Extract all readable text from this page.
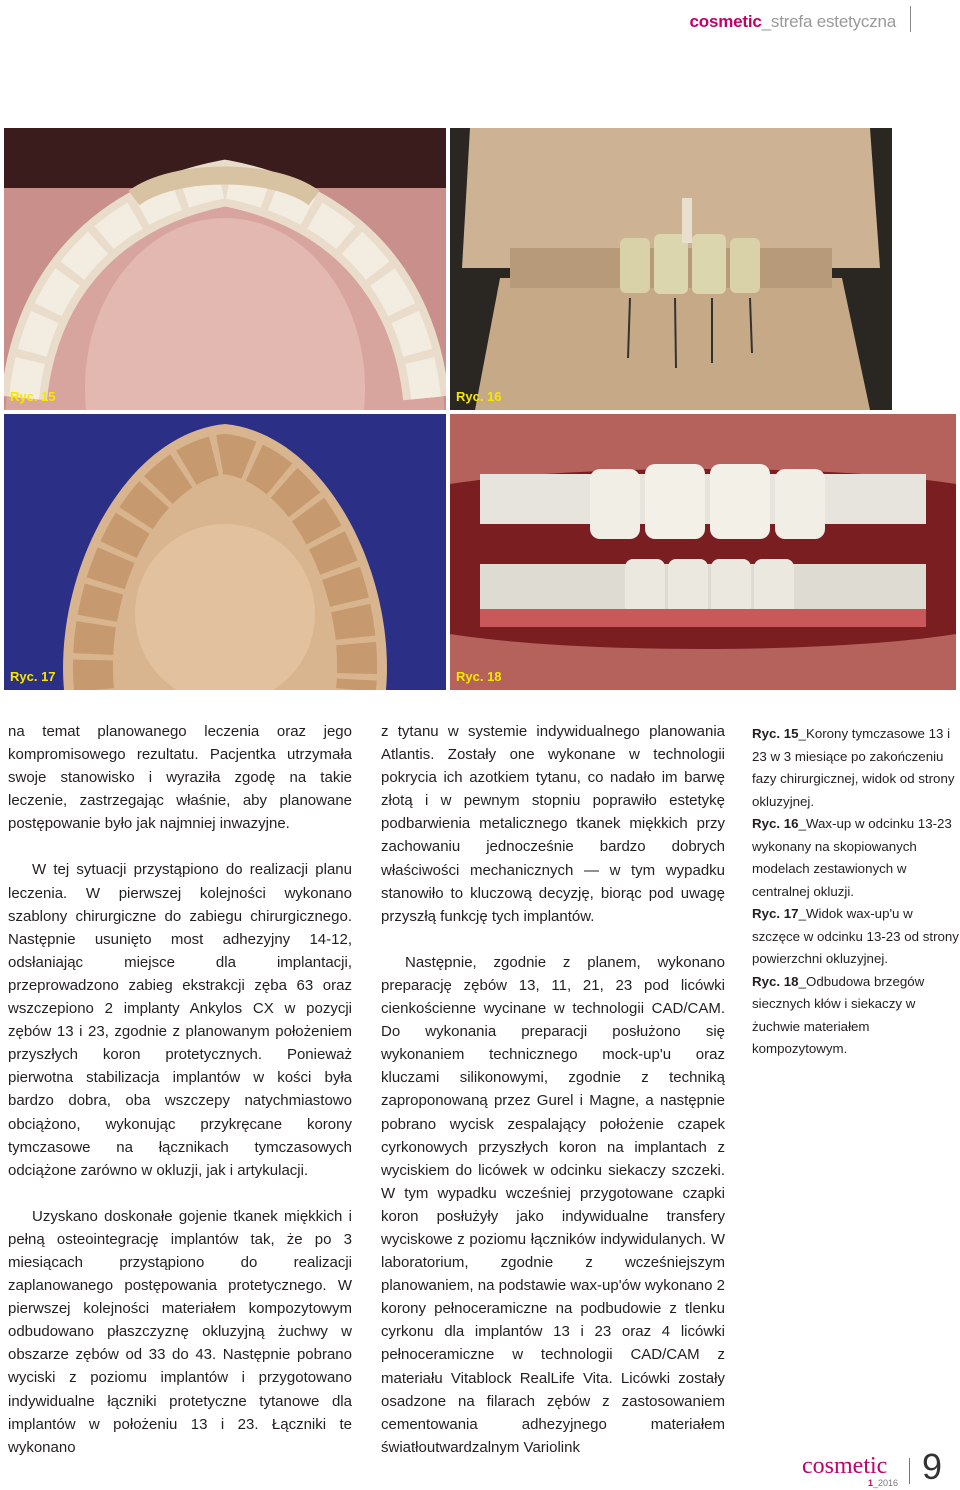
cosmetic_strefa estetyczna
Ryc. 15	Ryc. 16
Ryc. 17	Ryc. 18

na temat planowanego leczenia oraz jego kompromisowego rezultatu. Pacjentka utrzymała swoje stanowisko i wyraziła zgodę na takie leczenie, zastrzegając właśnie, aby planowane postępowanie było jak najmniej inwazyjne.

W tej sytuacji przystąpiono do realizacji planu leczenia. W pierwszej kolejności wykonano szablony chirurgiczne do zabiegu chirurgicznego. Następnie usunięto most adhezyjny 14-12, odsłaniając miejsce dla implantacji, przeprowadzono zabieg ekstrakcji zęba 63 oraz wszczepiono 2 implanty Ankylos CX w pozycji zębów 13 i 23, zgodnie z planowanym położeniem przyszłych koron protetycznych. Ponieważ pierwotna stabilizacja implantów w kości była bardzo dobra, oba wszczepy natychmiastowo obciążono, wykonując przykręcane korony tymczasowe na łącznikach tymczasowych odciążone zarówno w okluzji, jak i artykulacji.

Uzyskano doskonałe gojenie tkanek miękkich i pełną osteointegrację implantów tak, że po 3 miesiącach przystąpiono do realizacji zaplanowanego postępowania protetycznego. W pierwszej kolejności materiałem kompozytowym odbudowano płaszczyznę okluzyjną żuchwy w obszarze zębów od 33 do 43. Następnie pobrano wyciski z poziomu implantów i przygotowano indywidualne łączniki protetyczne tytanowe dla implantów w położeniu 13 i 23. Łączniki te wykonano

z tytanu w systemie indywidualnego planowania Atlantis. Zostały one wykonane w technologii pokrycia ich azotkiem tytanu, co nadało im barwę złotą i w pewnym stopniu poprawiło estetykę podbarwienia metalicznego tkanek miękkich przy zachowaniu jednocześnie bardzo dobrych właściwości mechanicznych — w tym wypadku stanowiło to kluczową decyzję, biorąc pod uwagę przyszłą funkcję tych implantów.

Następnie, zgodnie z planem, wykonano preparację zębów 13, 11, 21, 23 pod licówki cienkościenne wycinane w technologii CAD/CAM. Do wykonania preparacji posłużono się wykonaniem technicznego mock-up'u oraz kluczami silikonowymi, zgodnie z techniką zaproponowaną przez Gurel i Magne, a następnie pobrano wycisk zespalający położenie czapek cyrkonowych przyszłych koron na implantach z wyciskiem do licówek w odcinku siekaczy szczeki. W tym wypadku wcześniej przygotowane czapki koron posłużyły jako indywidualne transfery wyciskowe z poziomu łączników indywidulanych. W laboratorium, zgodnie z wcześniejszym planowaniem, na podstawie wax-up'ów wykonano 2 korony pełnoceramiczne na podbudowie z tlenku cyrkonu dla implantów 13 i 23 oraz 4 licówki pełnoceramiczne w technologii CAD/CAM z materiału Vitablock RealLife Vita. Licówki zostały osadzone na filarach zębów z zastosowaniem cementowania adhezyjnego materiałem światłoutwardzalnym Variolink

Ryc. 15_Korony tymczasowe 13 i 23 w 3 miesiące po zakończeniu fazy chirurgicznej, widok od strony okluzyjnej.
Ryc. 16_Wax-up w odcinku 13-23 wykonany na skopiowanych modelach zestawionych w centralnej okluzji.
Ryc. 17_Widok wax-up'u w szczęce w odcinku 13-23 od strony powierzchni okluzyjnej.
Ryc. 18_Odbudowa brzegów siecznych kłów i siekaczy w żuchwie materiałem kompozytowym.
cosmetic
1_2016 9
